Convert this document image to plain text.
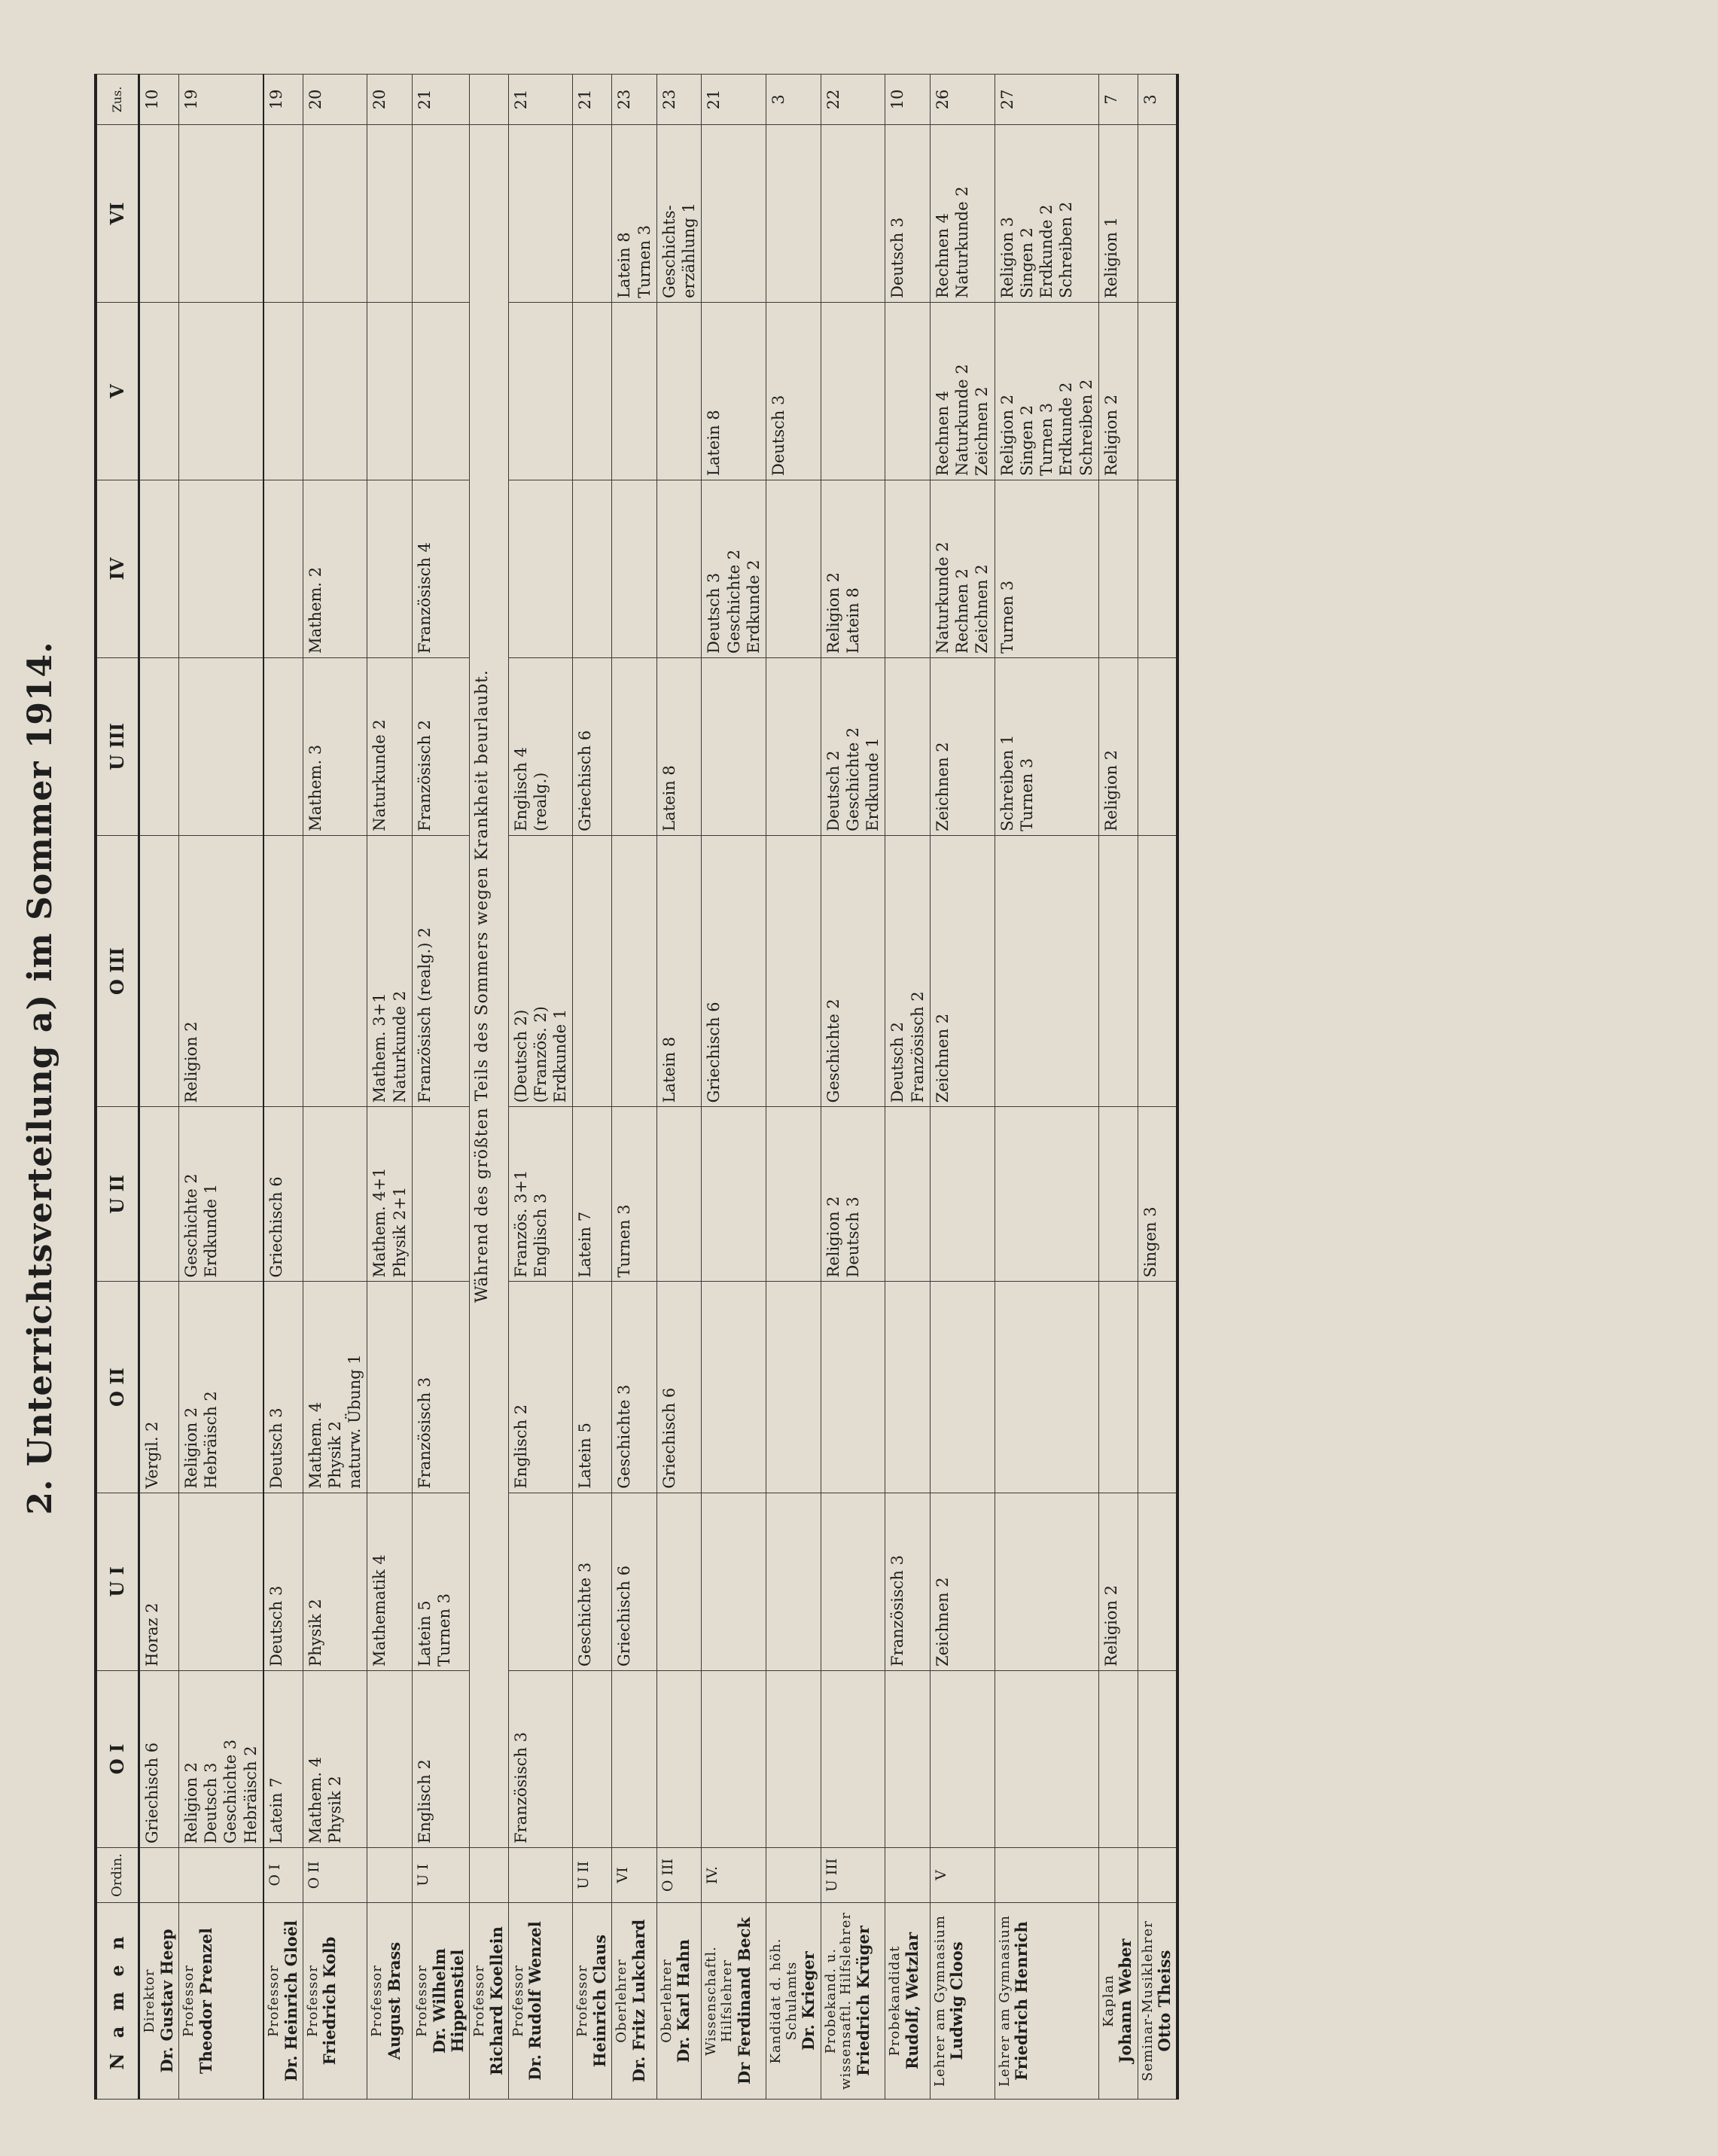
2. Unterrichtsverteilung a) im Sommer 1914.
N a m e n	Ordin.	O I	U I	O II	U II	O III	U III	IV	V	VI	Zus.

Direktor Dr. Gustav Heep		Griechisch 6	Horaz 2	Vergil. 2							10

Professor Theodor Prenzel		Religion 2 Deutsch 3 Geschichte 3 Hebräisch 2		Religion 2 Hebräisch 2	Geschichte 2 Erdkunde 1	Religion 2					19

Professor Dr. Heinrich Gloël	O I	Latein 7	Deutsch 3	Deutsch 3	Griechisch 6						19

Professor Friedrich Kolb	O II	Mathem. 4 Physik 2	Physik 2	Mathem. 4 Physik 2 naturw. Übung 1			Mathem. 3	Mathem. 2			20

Professor August Brass			Mathematik 4		Mathem. 4+1 Physik 2+1	Mathem. 3+1 Naturkunde 2	Naturkunde 2				20

Professor Dr. Wilhelm Hippenstiel	U I	Englisch 2	Latein 5 Turnen 3	Französisch 3		Französisch (realg.) 2	Französisch 2	Französisch 4			21

Professor Richard Koellein		Während des größten Teils des Sommers wegen Krankheit beurlaubt.									

Professor Dr. Rudolf Wenzel		Französisch 3		Englisch 2	Französ. 3+1 Englisch 3	(Deutsch 2) (Französ. 2) Erdkunde 1	Englisch 4 (realg.)				21

Professor Heinrich Claus	U II		Geschichte 3	Latein 5	Latein 7		Griechisch 6				21

Oberlehrer Dr. Fritz Lukchard	VI		Griechisch 6	Geschichte 3	Turnen 3					Latein 8 Turnen 3	23

Oberlehrer Dr. Karl Hahn	O III			Griechisch 6		Latein 8	Latein 8			Geschichts- erzählung 1	23

Wissenschaftl. Hilfslehrer Dr Ferdinand Beck	IV.					Griechisch 6		Deutsch 3 Geschichte 2 Erdkunde 2	Latein 8		21

Kandidat d. höh. Schulamts Dr. Krieger									Deutsch 3		3

Probekand. u. wissensaftl. Hilfslehrer Friedrich Krüger	U III				Religion 2 Deutsch 3	Geschichte 2	Deutsch 2 Geschichte 2 Erdkunde 1	Religion 2 Latein 8			22

Probekandidat Rudolf, Wetzlar			Französisch 3			Deutsch 2 Französisch 2				Deutsch 3	10

Lehrer am Gymnasium Ludwig Cloos	V		Zeichnen 2			Zeichnen 2	Zeichnen 2	Naturkunde 2 Rechnen 2 Zeichnen 2	Rechnen 4 Naturkunde 2 Zeichnen 2	Rechnen 4 Naturkunde 2	26

Lehrer am Gymnasium Friedrich Henrich							Schreiben 1 Turnen 3	Turnen 3	Religion 2 Singen 2 Turnen 3 Erdkunde 2 Schreiben 2	Religion 3 Singen 2 Erdkunde 2 Schreiben 2	27

Kaplan Johann Weber			Religion 2				Religion 2		Religion 2	Religion 1	7

Seminar-Musiklehrer Otto Theiss					Singen 3						3
